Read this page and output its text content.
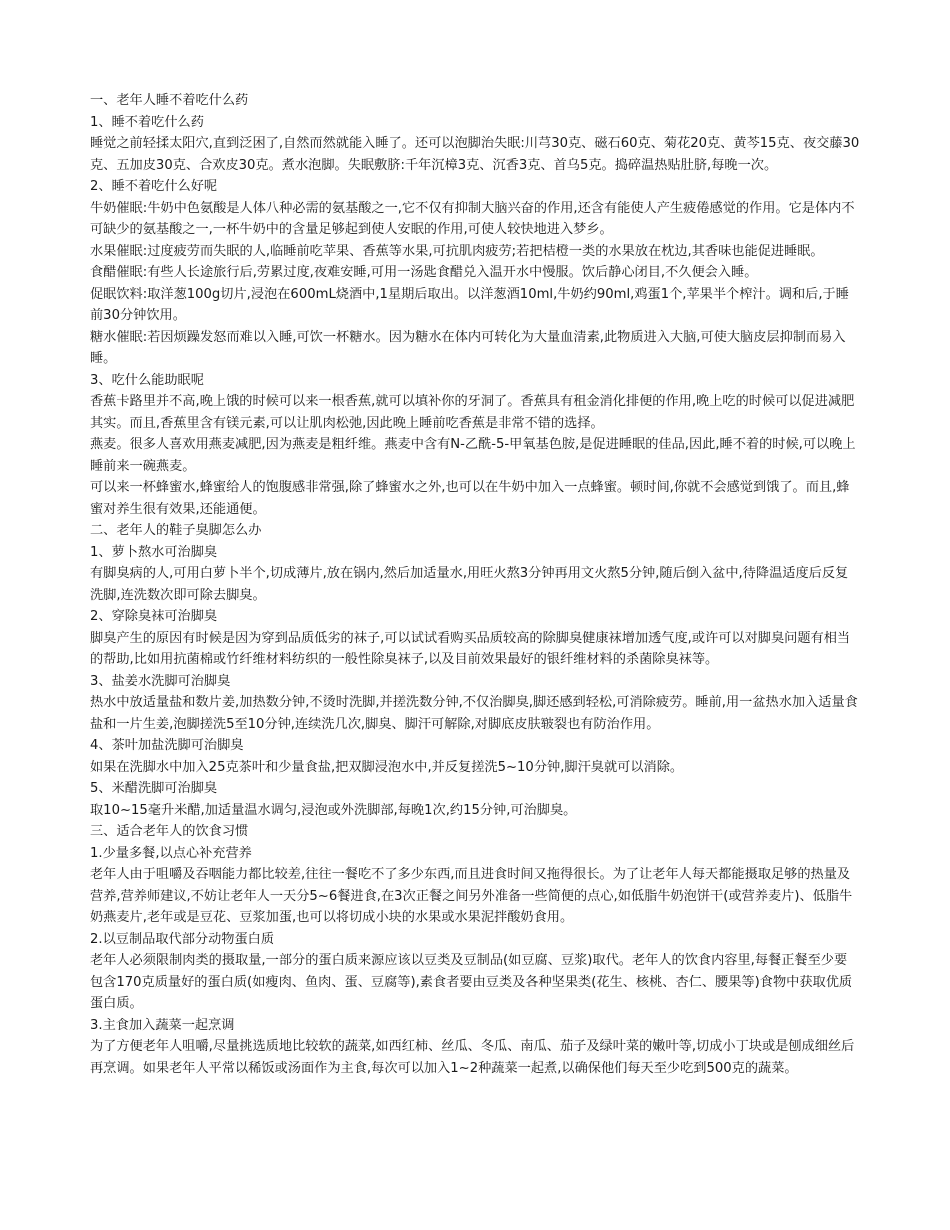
一、老年人睡不着吃什么药
1、睡不着吃什么药
睡觉之前轻揉太阳穴,直到泛困了,自然而然就能入睡了。还可以泡脚治失眠:川芎30克、磁石60克、菊花20克、黄芩15克、夜交藤30克、五加皮30克、合欢皮30克。煮水泡脚。失眠敷脐:千年沉樟3克、沉香3克、首乌5克。捣碎温热贴肚脐,每晚一次。
2、睡不着吃什么好呢
牛奶催眠:牛奶中色氨酸是人体八种必需的氨基酸之一,它不仅有抑制大脑兴奋的作用,还含有能使人产生疲倦感觉的作用。它是体内不可缺少的氨基酸之一,一杯牛奶中的含量足够起到使人安眠的作用,可使人较快地进入梦乡。
水果催眠:过度疲劳而失眠的人,临睡前吃苹果、香蕉等水果,可抗肌肉疲劳;若把桔橙一类的水果放在枕边,其香味也能促进睡眠。
食醋催眠:有些人长途旅行后,劳累过度,夜难安睡,可用一汤匙食醋兑入温开水中慢服。饮后静心闭目,不久便会入睡。
促眠饮料:取洋葱100g切片,浸泡在600mL烧酒中,1星期后取出。以洋葱酒10ml,牛奶约90ml,鸡蛋1个,苹果半个榨汁。调和后,于睡前30分钟饮用。
糖水催眠:若因烦躁发怒而难以入睡,可饮一杯糖水。因为糖水在体内可转化为大量血清素,此物质进入大脑,可使大脑皮层抑制而易入睡。
3、吃什么能助眠呢
香蕉卡路里并不高,晚上饿的时候可以来一根香蕉,就可以填补你的牙洞了。香蕉具有租金消化排便的作用,晚上吃的时候可以促进减肥其实。而且,香蕉里含有镁元素,可以让肌肉松弛,因此晚上睡前吃香蕉是非常不错的选择。
燕麦。很多人喜欢用燕麦减肥,因为燕麦是粗纤维。燕麦中含有N-乙酰-5-甲氧基色胺,是促进睡眠的佳品,因此,睡不着的时候,可以晚上睡前来一碗燕麦。
可以来一杯蜂蜜水,蜂蜜给人的饱腹感非常强,除了蜂蜜水之外,也可以在牛奶中加入一点蜂蜜。顿时间,你就不会感觉到饿了。而且,蜂蜜对养生很有效果,还能通便。
二、老年人的鞋子臭脚怎么办
1、萝卜熬水可治脚臭
有脚臭病的人,可用白萝卜半个,切成薄片,放在锅内,然后加适量水,用旺火熬3分钟再用文火熬5分钟,随后倒入盆中,待降温适度后反复洗脚,连洗数次即可除去脚臭。
2、穿除臭袜可治脚臭
脚臭产生的原因有时候是因为穿到品质低劣的袜子,可以试试看购买品质较高的除脚臭健康袜增加透气度,或许可以对脚臭问题有相当的帮助,比如用抗菌棉或竹纤维材料纺织的一般性除臭袜子,以及目前效果最好的银纤维材料的杀菌除臭袜等。
3、盐姜水洗脚可治脚臭
热水中放适量盐和数片姜,加热数分钟,不烫时洗脚,并搓洗数分钟,不仅治脚臭,脚还感到轻松,可消除疲劳。睡前,用一盆热水加入适量食盐和一片生姜,泡脚搓洗5至10分钟,连续洗几次,脚臭、脚汗可解除,对脚底皮肤皲裂也有防治作用。
4、茶叶加盐洗脚可治脚臭
如果在洗脚水中加入25克茶叶和少量食盐,把双脚浸泡水中,并反复搓洗5~10分钟,脚汗臭就可以消除。
5、米醋洗脚可治脚臭
取10~15毫升米醋,加适量温水调匀,浸泡或外洗脚部,每晚1次,约15分钟,可治脚臭。
三、适合老年人的饮食习惯
1.少量多餐,以点心补充营养
老年人由于咀嚼及吞咽能力都比较差,往往一餐吃不了多少东西,而且进食时间又拖得很长。为了让老年人每天都能摄取足够的热量及营养,营养师建议,不妨让老年人一天分5~6餐进食,在3次正餐之间另外准备一些简便的点心,如低脂牛奶泡饼干(或营养麦片)、低脂牛奶燕麦片,老年或是豆花、豆浆加蛋,也可以将切成小块的水果或水果泥拌酸奶食用。
2.以豆制品取代部分动物蛋白质
老年人必须限制肉类的摄取量,一部分的蛋白质来源应该以豆类及豆制品(如豆腐、豆浆)取代。老年人的饮食内容里,每餐正餐至少要包含170克质量好的蛋白质(如瘦肉、鱼肉、蛋、豆腐等),素食者要由豆类及各种坚果类(花生、核桃、杏仁、腰果等)食物中获取优质蛋白质。
3.主食加入蔬菜一起烹调
为了方便老年人咀嚼,尽量挑选质地比较软的蔬菜,如西红柿、丝瓜、冬瓜、南瓜、茄子及绿叶菜的嫩叶等,切成小丁块或是刨成细丝后再烹调。如果老年人平常以稀饭或汤面作为主食,每次可以加入1~2种蔬菜一起煮,以确保他们每天至少吃到500克的蔬菜。
